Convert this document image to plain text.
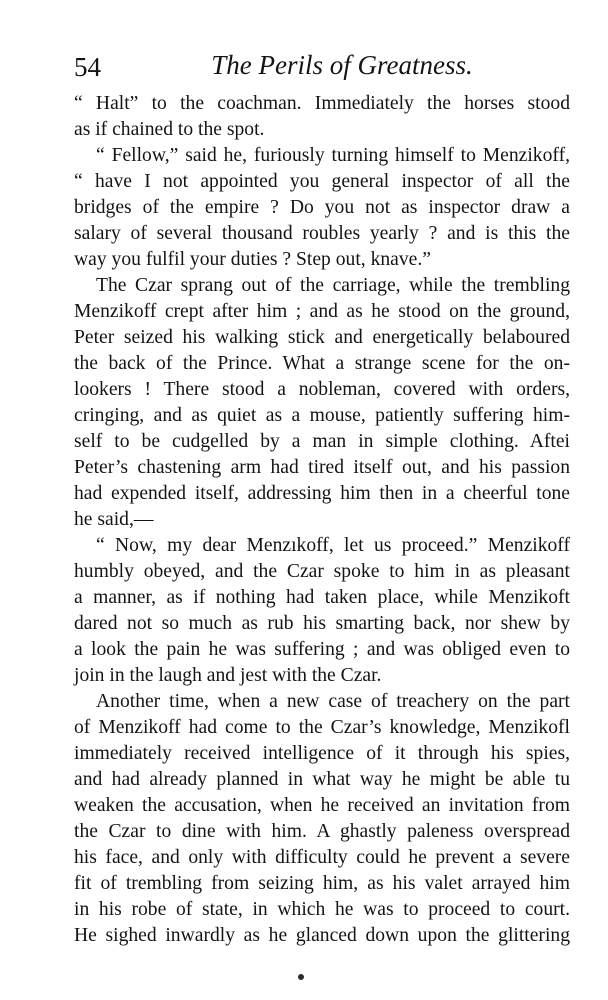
54	The Perils of Greatness.
“ Halt” to the coachman. Immediately the horses stood
as if chained to the spot.
“ Fellow,” said he, furiously turning himself to Menzikoff,
“ have I not appointed you general inspector of all the
bridges of the empire ? Do you not as inspector draw a
salary of several thousand roubles yearly ? and is this the
way you fulfil your duties ? Step out, knave.”
The Czar sprang out of the carriage, while the trembling
Menzikoff crept after him ; and as he stood on the ground,
Peter seized his walking stick and energetically belaboured
the back of the Prince. What a strange scene for the on-
lookers ! There stood a nobleman, covered with orders,
cringing, and as quiet as a mouse, patiently suffering him-
self to be cudgelled by a man in simple clothing. Aftei
Peter’s chastening arm had tired itself out, and his passion
had expended itself, addressing him then in a cheerful tone
he said,—
“ Now, my dear Menzıkoff, let us proceed.” Menzikoff
humbly obeyed, and the Czar spoke to him in as pleasant
a manner, as if nothing had taken place, while Menzikoft
dared not so much as rub his smarting back, nor shew by
a look the pain he was suffering ; and was obliged even to
join in the laugh and jest with the Czar.
Another time, when a new case of treachery on the part
of Menzikoff had come to the Czar’s knowledge, Menzikofl
immediately received intelligence of it through his spies,
and had already planned in what way he might be able tu
weaken the accusation, when he received an invitation from
the Czar to dine with him. A ghastly paleness overspread
his face, and only with difficulty could he prevent a severe
fit of trembling from seizing him, as his valet arrayed him
in his robe of state, in which he was to proceed to court.
He sighed inwardly as he glanced down upon the glittering
